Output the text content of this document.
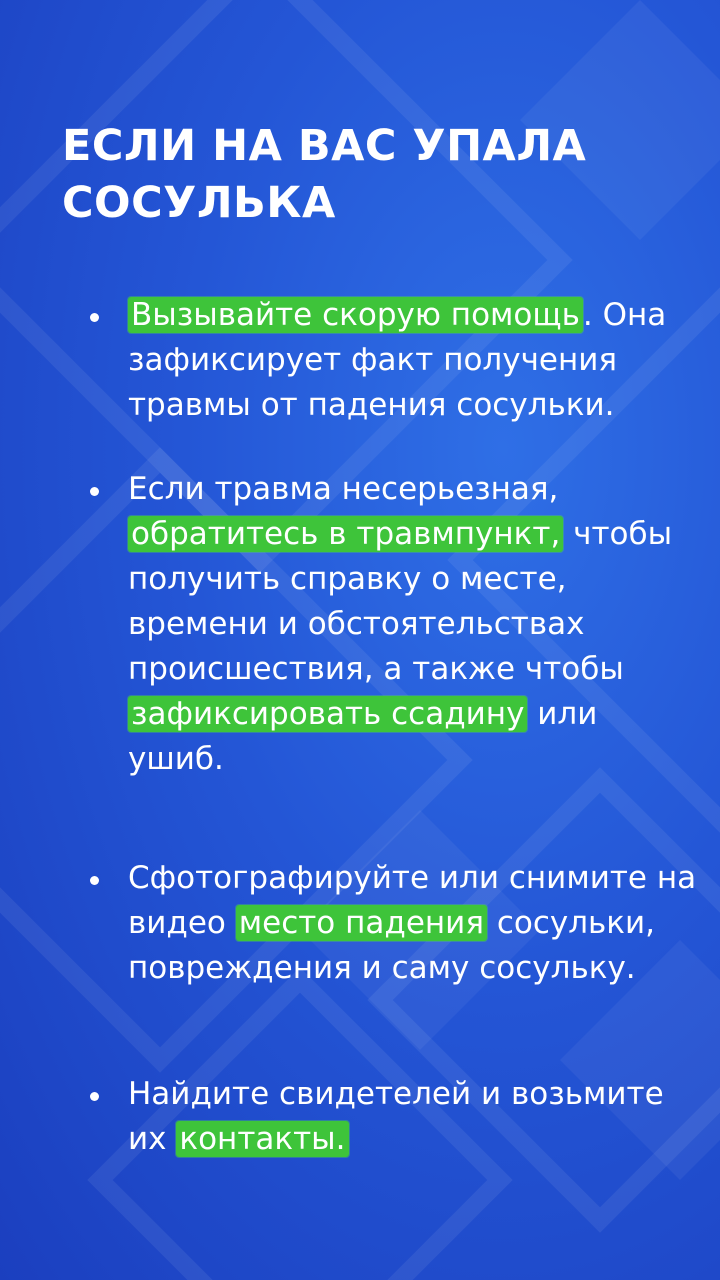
ЕСЛИ НА ВАС УПАЛА СОСУЛЬКА
Вызывайте скорую помощь. Она зафиксирует факт получения травмы от падения сосульки.
Если травма несерьезная, обратитесь в травмпункт, чтобы получить справку о месте, времени и обстоятельствах происшествия, а также чтобы зафиксировать ссадину или ушиб.
Сфотографируйте или снимите на видео место падения сосульки, повреждения и саму сосульку.
Найдите свидетелей и возьмите их контакты.
